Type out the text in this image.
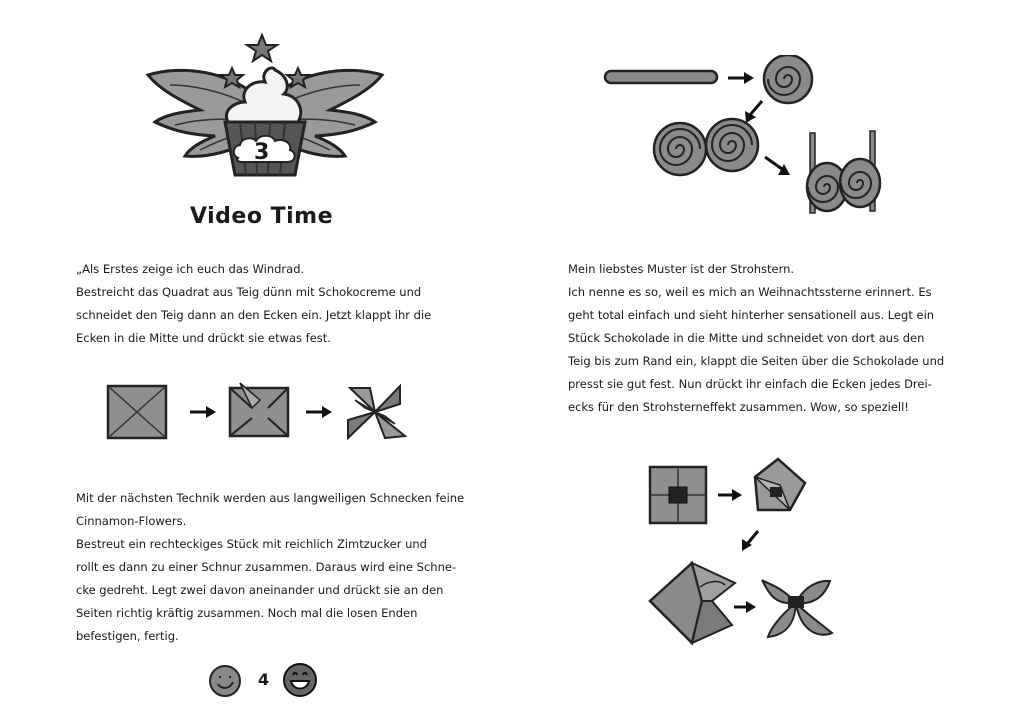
3
Video Time
„Als Erstes zeige ich euch das Windrad.
Bestreicht das Quadrat aus Teig dünn mit Schokocreme und
schneidet den Teig dann an den Ecken ein. Jetzt klappt ihr die
Ecken in die Mitte und drückt sie etwas fest.
Mit der nächsten Technik werden aus langweiligen Schnecken feine
Cinnamon-Flowers.
Bestreut ein rechteckiges Stück mit reichlich Zimtzucker und
rollt es dann zu einer Schnur zusammen. Daraus wird eine Schne-
cke gedreht. Legt zwei davon aneinander und drückt sie an den
Seiten richtig kräftig zusammen. Noch mal die losen Enden
befestigen, fertig.
4
Mein liebstes Muster ist der Strohstern.
Ich nenne es so, weil es mich an Weihnachtssterne erinnert. Es
geht total einfach und sieht hinterher sensationell aus. Legt ein
Stück Schokolade in die Mitte und schneidet von dort aus den
Teig bis zum Rand ein, klappt die Seiten über die Schokolade und
presst sie gut fest. Nun drückt ihr einfach die Ecken jedes Drei-
ecks für den Strohsterneffekt zusammen. Wow, so speziell!
